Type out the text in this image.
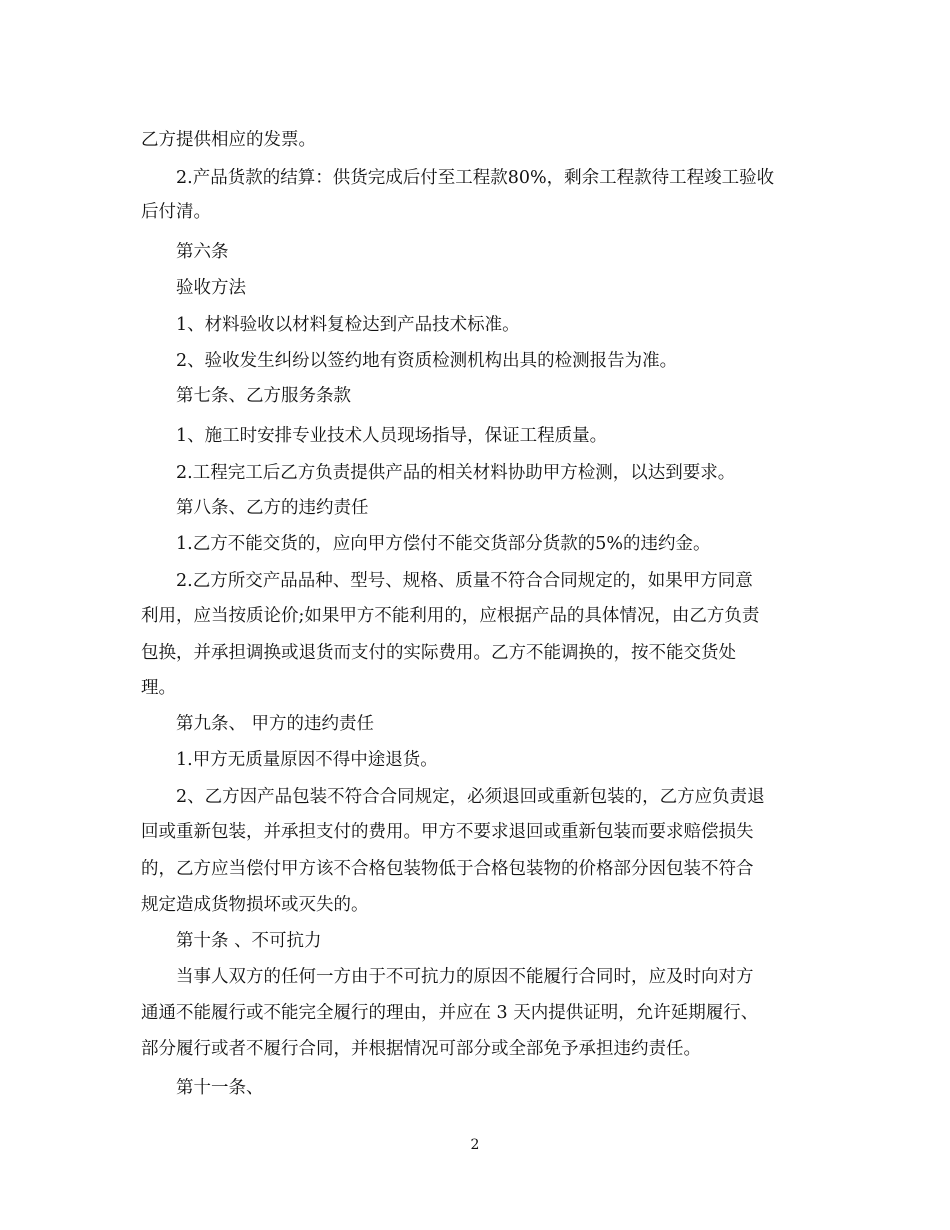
乙方提供相应的发票。
2.产品货款的结算：供货完成后付至工程款80%，剩余工程款待工程竣工验收
后付清。
第六条
验收方法
1、材料验收以材料复检达到产品技术标准。
2、验收发生纠纷以签约地有资质检测机构出具的检测报告为准。
第七条、乙方服务条款
1、施工时安排专业技术人员现场指导，保证工程质量。
2.工程完工后乙方负责提供产品的相关材料协助甲方检测，以达到要求。
第八条、乙方的违约责任
1.乙方不能交货的，应向甲方偿付不能交货部分货款的5%的违约金。
2.乙方所交产品品种、型号、规格、质量不符合合同规定的，如果甲方同意
利用，应当按质论价;如果甲方不能利用的，应根据产品的具体情况，由乙方负责
包换，并承担调换或退货而支付的实际费用。乙方不能调换的，按不能交货处
理。
第九条、 甲方的违约责任
1.甲方无质量原因不得中途退货。
2、乙方因产品包装不符合合同规定，必须退回或重新包装的，乙方应负责退
回或重新包装，并承担支付的费用。甲方不要求退回或重新包装而要求赔偿损失
的，乙方应当偿付甲方该不合格包装物低于合格包装物的价格部分因包装不符合
规定造成货物损坏或灭失的。
第十条 、不可抗力
当事人双方的任何一方由于不可抗力的原因不能履行合同时，应及时向对方
通通不能履行或不能完全履行的理由，并应在 3 天内提供证明，允许延期履行、
部分履行或者不履行合同，并根据情况可部分或全部免予承担违约责任。
第十一条、
2
